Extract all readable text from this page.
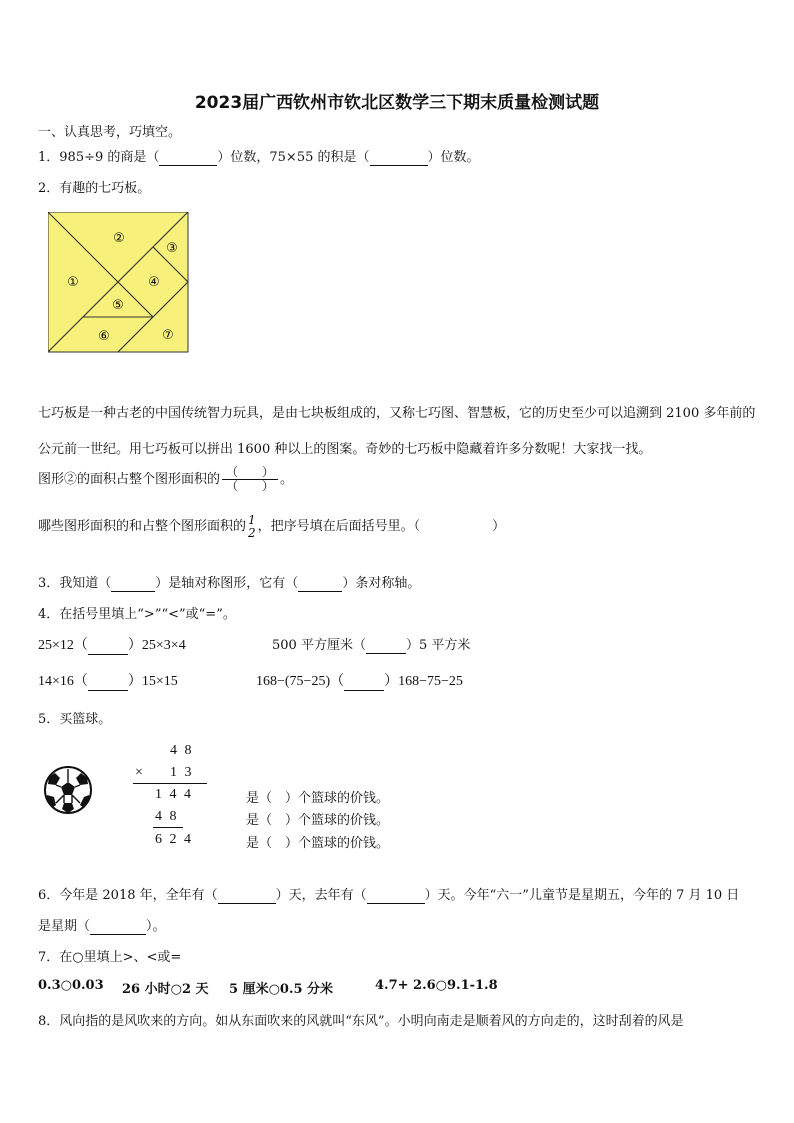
2023届广西钦州市钦北区数学三下期末质量检测试题
一、认真思考，巧填空。
1．985÷9 的商是（	）位数，75×55 的积是（	）位数。
2．有趣的七巧板。
①
②
③
④
⑤
⑥	⑦
七巧板是一种古老的中国传统智力玩具，是由七块板组成的，又称七巧图、智慧板，它的历史至少可以追溯到 2100 多年前的公元前一世纪。用七巧板可以拼出 1600 种以上的图案。奇妙的七巧板中隐藏着许多分数呢！大家找一找。
图形②的面积占整个图形面积的 $\frac{( )}{( )}$ 。
哪些图形面积的和占整个图形面积的 1
2 ，把序号填在后面括号里。（	）
3．我知道（	）是轴对称图形，它有（	）条对称轴。
4．在括号里填上“>”“<”或“=”。
25×12（	）25×3×4	500 平方厘米（	）5 平方米
14×16（	）15×15	168−(75−25)（	）168−75−25
5．买篮球。
4 8
× 1 3
1 4 4
4 8
6 2 4
是（　）个篮球的价钱。
是（　）个篮球的价钱。
是（　）个篮球的价钱。
6．今年是 2018 年，全年有（	）天，去年有（	）天。今年“六一”儿童节是星期五，今年的 7 月 10 日
是星期（	）。
7．在○里填上>、<或=
0.3○0.03 26 小时○2 天 5 厘米○0.5 分米	4.7+ 2.6○9.1-1.8
8．风向指的是风吹来的方向。如从东面吹来的风就叫“东风”。小明向南走是顺着风的方向走的，这时刮着的风是
